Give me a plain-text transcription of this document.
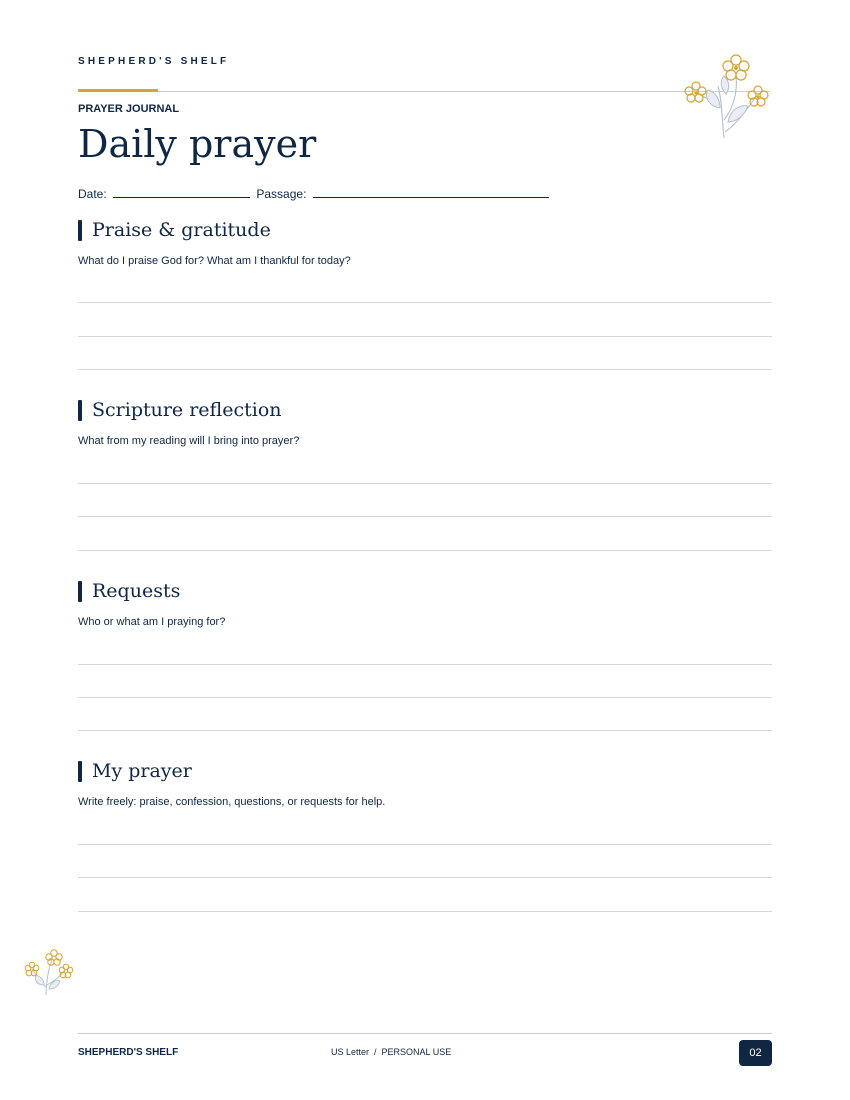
SHEPHERD'S SHELF
PRAYER JOURNAL
Daily prayer
Date:	Passage:
Praise & gratitude
What do I praise God for? What am I thankful for today?
Scripture reflection
What from my reading will I bring into prayer?
Requests
Who or what am I praying for?
My prayer
Write freely: praise, confession, questions, or requests for help.
SHEPHERD'S SHELF	US Letter  /  PERSONAL USE	02
